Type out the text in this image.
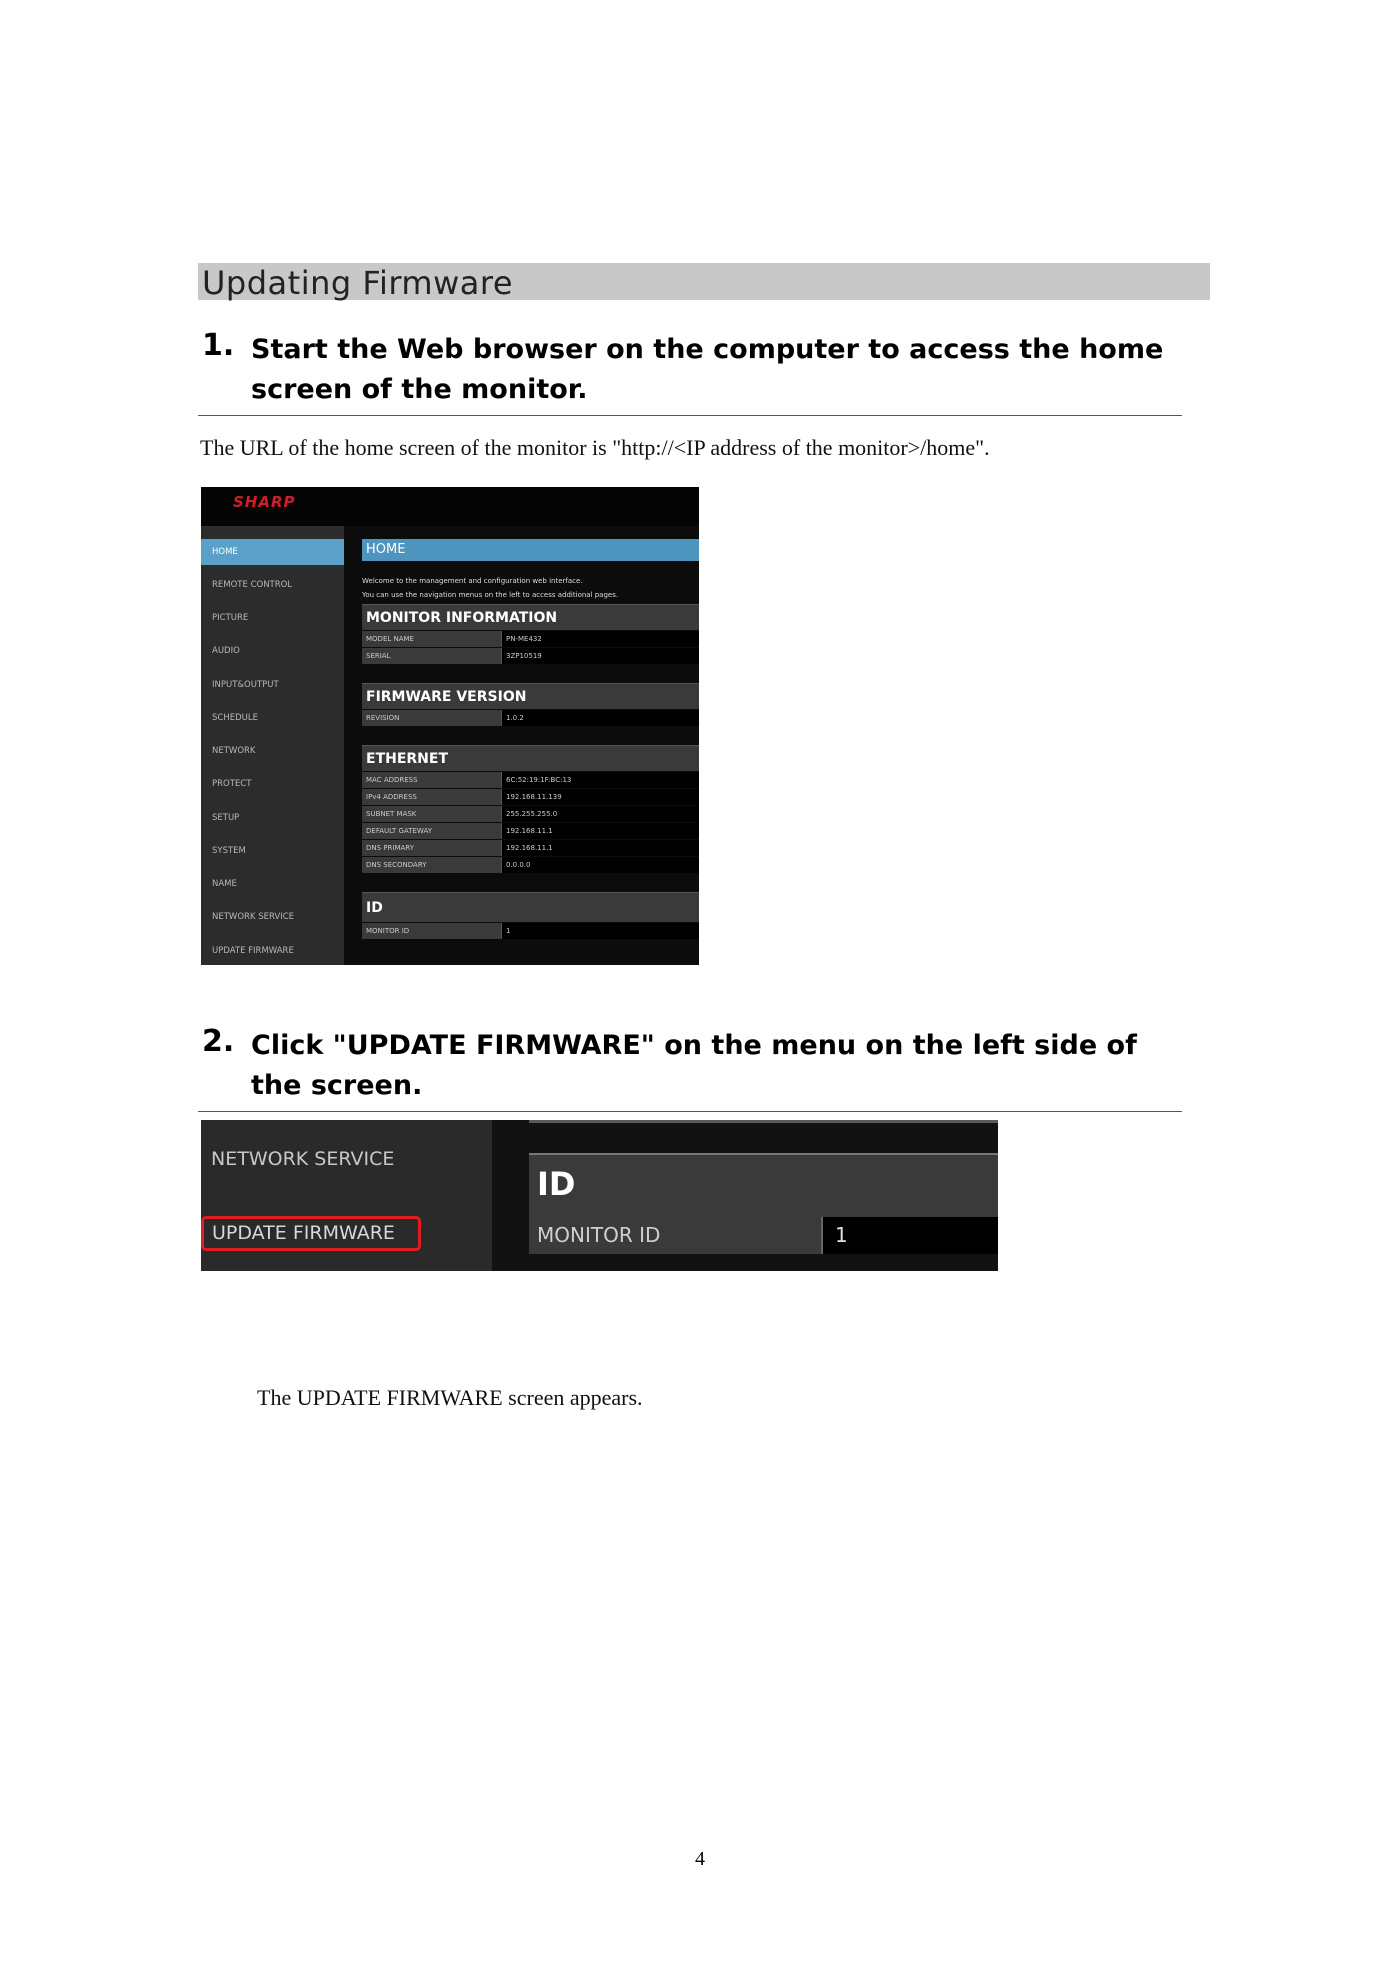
Updating Firmware
1. Start the Web browser on the computer to access the home screen of the monitor.
The URL of the home screen of the monitor is "http://<IP address of the monitor>/home".
SHARP
HOME
REMOTE CONTROL
PICTURE
AUDIO
INPUT&OUTPUT
SCHEDULE
NETWORK
PROTECT
SETUP
SYSTEM
NAME
NETWORK SERVICE
UPDATE FIRMWARE
HOME
Welcome to the management and configuration web interface.
You can use the navigation menus on the left to access additional pages.
MONITOR INFORMATION
MODEL NAME	PN-ME432
SERIAL	3ZP10519
FIRMWARE VERSION
REVISION	1.0.2
ETHERNET
MAC ADDRESS	6C:52:19:1F:BC:13
IPv4 ADDRESS	192.168.11.139
SUBNET MASK	255.255.255.0
DEFAULT GATEWAY	192.168.11.1
DNS PRIMARY	192.168.11.1
DNS SECONDARY	0.0.0.0
ID
MONITOR ID	1
2. Click "UPDATE FIRMWARE" on the menu on the left side of the screen.
NETWORK SERVICE
UPDATE FIRMWARE
ID
MONITOR ID	1
The UPDATE FIRMWARE screen appears.
4
